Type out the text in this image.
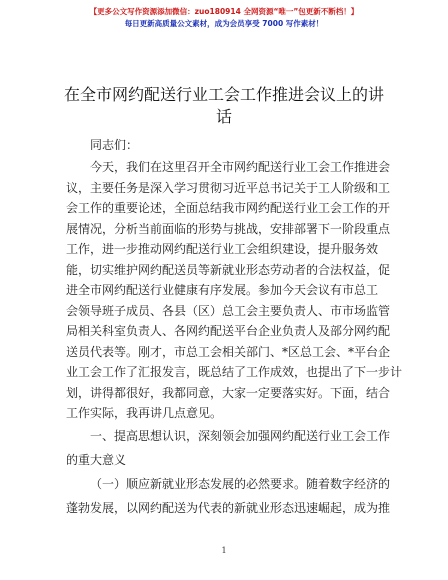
【更多公文写作资源添加微信：zuo180914 全网资源“唯一”包更新不断档！】
每日更新高质量公文素材，成为会员享受 7000 写作素材！
在全市网约配送行业工会工作推进会议上的讲
话
同志们：
今天，我们在这里召开全市网约配送行业工会工作推进会
议，主要任务是深入学习贯彻习近平总书记关于工人阶级和工
会工作的重要论述，全面总结我市网约配送行业工会工作的开
展情况，分析当前面临的形势与挑战，安排部署下一阶段重点
工作，进一步推动网约配送行业工会组织建设，提升服务效
能，切实维护网约配送员等新就业形态劳动者的合法权益，促
进全市网约配送行业健康有序发展。参加今天会议有市总工
会领导班子成员、各县（区）总工会主要负责人、市市场监管
局相关科室负责人、各网约配送平台企业负责人及部分网约配
送员代表等。刚才，市总工会相关部门、*区总工会、*平台企
业工会工作了汇报发言，既总结了工作成效，也提出了下一步计
划，讲得都很好，我都同意，大家一定要落实好。下面，结合
工作实际，我再讲几点意见。
一、提高思想认识，深刻领会加强网约配送行业工会工作
的重大意义
（一）顺应新就业形态发展的必然要求。随着数字经济的
蓬勃发展，以网约配送为代表的新就业形态迅速崛起，成为推
1
